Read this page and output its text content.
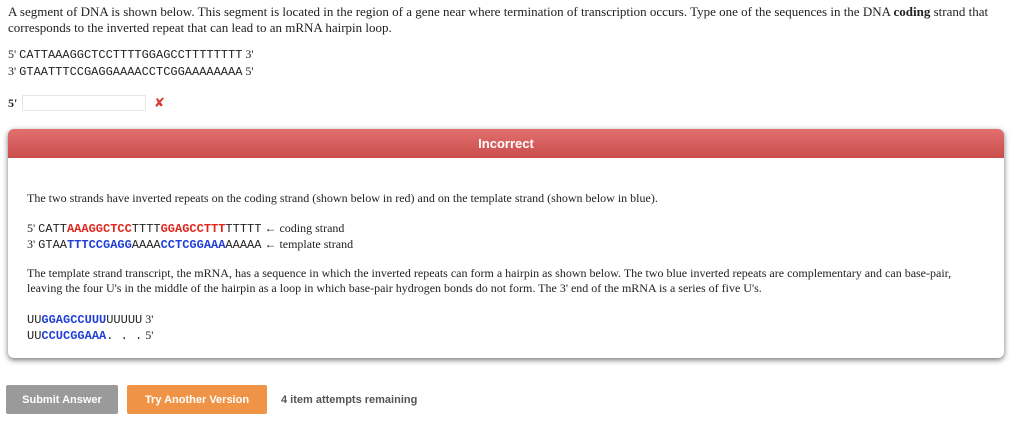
A segment of DNA is shown below. This segment is located in the region of a gene near where termination of transcription occurs. Type one of the sequences in the DNA coding strand that corresponds to the inverted repeat that can lead to an mRNA hairpin loop.
5' CATTAAAGGCTCCTTTTGGAGCCTTTTTTTT 3'
3' GTAATTTCCGAGGAAAACCTCGGAAAAAAAA 5'
5'	✘
Incorrect
The two strands have inverted repeats on the coding strand (shown below in red) and on the template strand (shown below in blue).
5' CATTAAAGGCTCCTTTTGGAGCCTTTTTTTT ← coding strand
3' GTAATTTCCGAGGAAAACCTCGGAAAAAAAA ← template strand
The template strand transcript, the mRNA, has a sequence in which the inverted repeats can form a hairpin as shown below. The two blue inverted repeats are complementary and can base-pair, leaving the four U's in the middle of the hairpin as a loop in which base-pair hydrogen bonds do not form. The 3' end of the mRNA is a series of five U's.
UUGGAGCCUUUUUUUU 3'
UUCCUCGGAAA. . . 5'
Submit Answer	Try Another Version	4 item attempts remaining
